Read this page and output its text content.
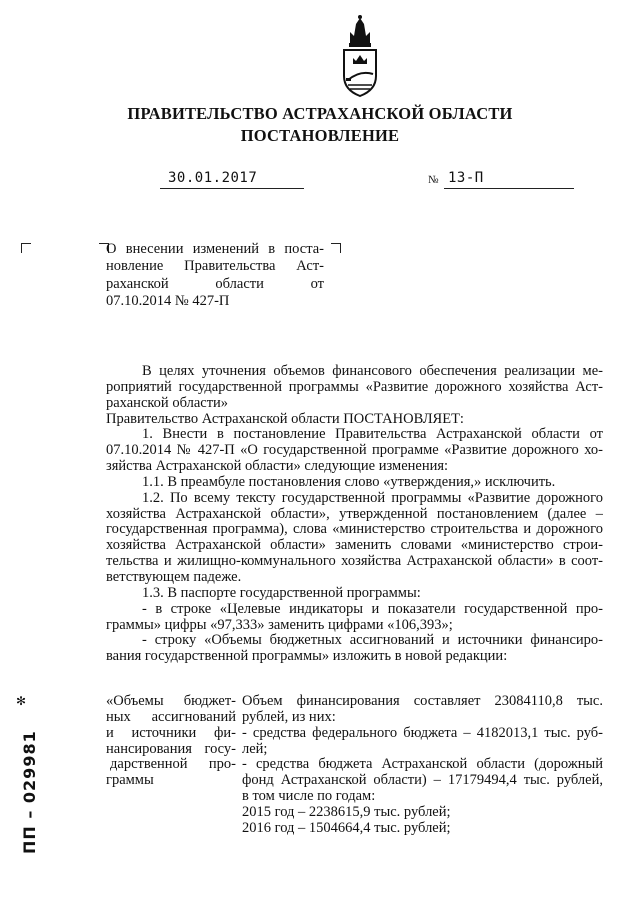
ПРАВИТЕЛЬСТВО АСТРАХАНСКОЙ ОБЛАСТИ
ПОСТАНОВЛЕНИЕ
30.01.2017	№ 13-П
О внесении изменений в поста-
новление Правительства Аст-
раханской области от
07.10.2014 № 427-П
В целях уточнения объемов финансового обеспечения реализации ме-
роприятий государственной программы «Развитие дорожного хозяйства Аст-
раханской области»
Правительство Астраханской области ПОСТАНОВЛЯЕТ:
1. Внести в постановление Правительства Астраханской области от
07.10.2014 № 427-П «О государственной программе «Развитие дорожного хо-
зяйства Астраханской области» следующие изменения:
1.1. В преамбуле постановления слово «утверждения,» исключить.
1.2. По всему тексту государственной программы «Развитие дорожного
хозяйства Астраханской области», утвержденной постановлением (далее –
государственная программа), слова «министерство строительства и дорожного
хозяйства Астраханской области» заменить словами «министерство строи-
тельства и жилищно-коммунального хозяйства Астраханской области» в соот-
ветствующем падеже.
1.3. В паспорте государственной программы:
- в строке «Целевые индикаторы и показатели государственной про-
граммы» цифры «97,333» заменить цифрами «106,393»;
- строку «Объемы бюджетных ассигнований и источники финансиро-
вания государственной программы» изложить в новой редакции:
«Объемы бюджет-
ных ассигнований
и источники фи-
нансирования госу-
дарственной про-
граммы
Объем финансирования составляет 23084110,8 тыс.
рублей, из них:
- средства федерального бюджета – 4182013,1 тыс. руб-
лей;
- средства бюджета Астраханской области (дорожный
фонд Астраханской области) – 17179494,4 тыс. рублей,
в том числе по годам:
2015 год – 2238615,9 тыс. рублей;
2016 год – 1504664,4 тыс. рублей;
ПП – 029981
✻
